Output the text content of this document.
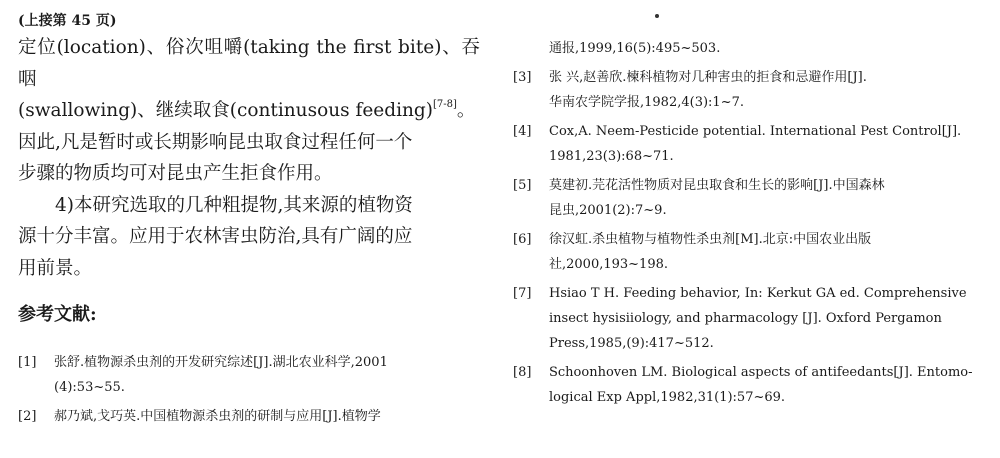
(上接第 45 页)

定位(location)、俗次咀嚼(taking the first bite)、吞咽

(swallowing)、继续取食(continusous feeding)[7-8]。

因此,凡是暂时或长期影响昆虫取食过程任何一个

步骤的物质均可对昆虫产生拒食作用。

4)本研究选取的几种粗提物,其来源的植物资

源十分丰富。应用于农林害虫防治,具有广阔的应

用前景。

参考文献:
[1]	张舒.植物源杀虫剂的开发研究综述[J].湖北农业科学,2001
(4):53~55.
[2]	郝乃斌,戈巧英.中国植物源杀虫剂的研制与应用[J].植物学
通报,1999,16(5):495~503.
[3]	张 兴,赵善欣.楝科植物对几种害虫的拒食和忌避作用[J].
华南农学院学报,1982,4(3):1~7.
[4]	Cox,A. Neem-Pesticide potential. International Pest Control[J].
1981,23(3):68~71.
[5]	莫建初.芫花活性物质对昆虫取食和生长的影响[J].中国森林
昆虫,2001(2):7~9.
[6]	徐汉虹.杀虫植物与植物性杀虫剂[M].北京:中国农业出版
社,2000,193~198.
[7]	Hsiao T H. Feeding behavior, In: Kerkut GA ed. Comprehensive
insect hysisiiology, and pharmacology [J]. Oxford Pergamon
Press,1985,(9):417~512.
[8]	Schoonhoven LM. Biological aspects of antifeedants[J]. Entomo-
logical Exp Appl,1982,31(1):57~69.
